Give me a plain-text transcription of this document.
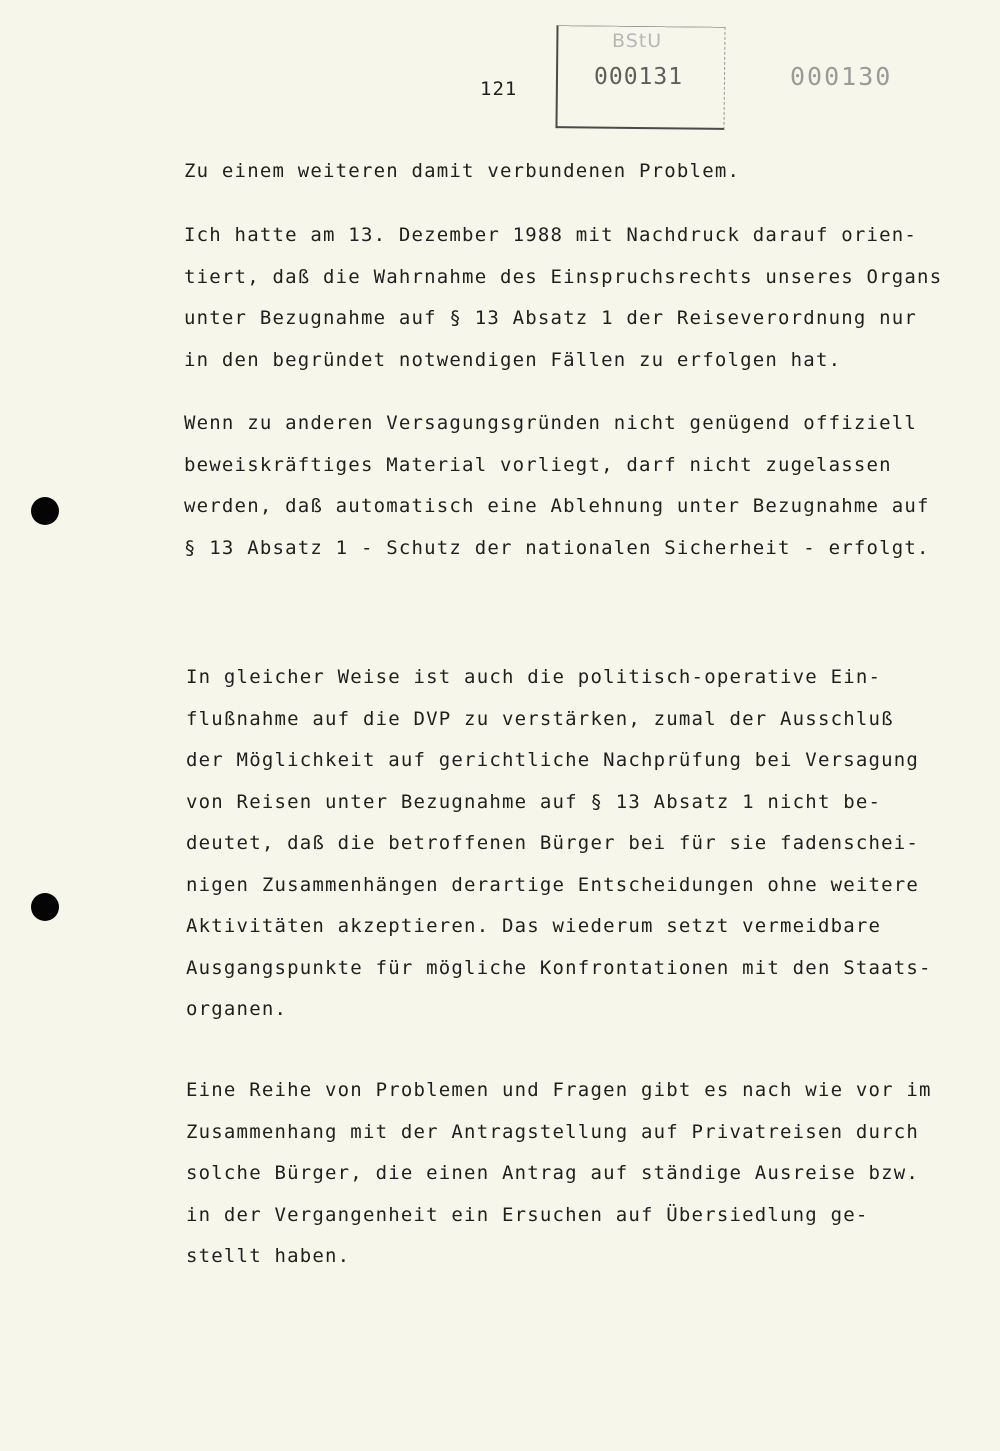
121
BStU
000131	000130
Zu einem weiteren damit verbundenen Problem.
Ich hatte am 13. Dezember 1988 mit Nachdruck darauf orien-
tiert, daß die Wahrnahme des Einspruchsrechts unseres Organs
unter Bezugnahme auf § 13 Absatz 1 der Reiseverordnung nur
in den begründet notwendigen Fällen zu erfolgen hat.
Wenn zu anderen Versagungsgründen nicht genügend offiziell
beweiskräftiges Material vorliegt, darf nicht zugelassen
werden, daß automatisch eine Ablehnung unter Bezugnahme auf
§ 13 Absatz 1 - Schutz der nationalen Sicherheit - erfolgt.
In gleicher Weise ist auch die politisch-operative Ein-
flußnahme auf die DVP zu verstärken, zumal der Ausschluß
der Möglichkeit auf gerichtliche Nachprüfung bei Versagung
von Reisen unter Bezugnahme auf § 13 Absatz 1 nicht be-
deutet, daß die betroffenen Bürger bei für sie fadenschei-
nigen Zusammenhängen derartige Entscheidungen ohne weitere
Aktivitäten akzeptieren. Das wiederum setzt vermeidbare
Ausgangspunkte für mögliche Konfrontationen mit den Staats-
organen.
Eine Reihe von Problemen und Fragen gibt es nach wie vor im
Zusammenhang mit der Antragstellung auf Privatreisen durch
solche Bürger, die einen Antrag auf ständige Ausreise bzw.
in der Vergangenheit ein Ersuchen auf Übersiedlung ge-
stellt haben.
